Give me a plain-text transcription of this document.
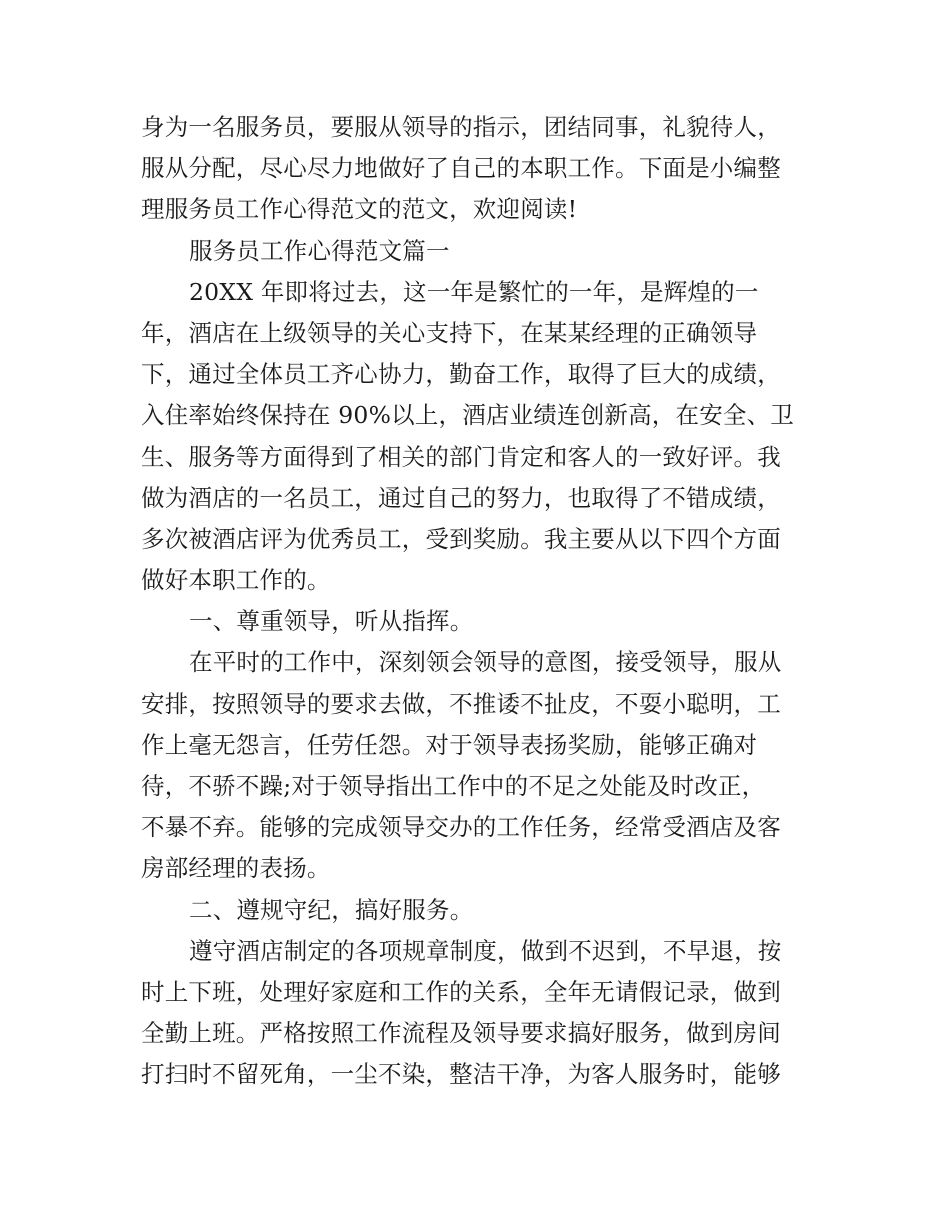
身为一名服务员，要服从领导的指示，团结同事，礼貌待人，
服从分配，尽心尽力地做好了自己的本职工作。下面是小编整
理服务员工作心得范文的范文，欢迎阅读!
服务员工作心得范文篇一
20XX 年即将过去，这一年是繁忙的一年，是辉煌的一
年，酒店在上级领导的关心支持下，在某某经理的正确领导
下，通过全体员工齐心协力，勤奋工作，取得了巨大的成绩，
入住率始终保持在 90%以上，酒店业绩连创新高，在安全、卫
生、服务等方面得到了相关的部门肯定和客人的一致好评。我
做为酒店的一名员工，通过自己的努力，也取得了不错成绩，
多次被酒店评为优秀员工，受到奖励。我主要从以下四个方面
做好本职工作的。
一、尊重领导，听从指挥。
在平时的工作中，深刻领会领导的意图，接受领导，服从
安排，按照领导的要求去做，不推诿不扯皮，不耍小聪明，工
作上毫无怨言，任劳任怨。对于领导表扬奖励，能够正确对
待，不骄不躁;对于领导指出工作中的不足之处能及时改正，
不暴不弃。能够的完成领导交办的工作任务，经常受酒店及客
房部经理的表扬。
二、遵规守纪，搞好服务。
遵守酒店制定的各项规章制度，做到不迟到，不早退，按
时上下班，处理好家庭和工作的关系，全年无请假记录，做到
全勤上班。严格按照工作流程及领导要求搞好服务，做到房间
打扫时不留死角，一尘不染，整洁干净，为客人服务时，能够
